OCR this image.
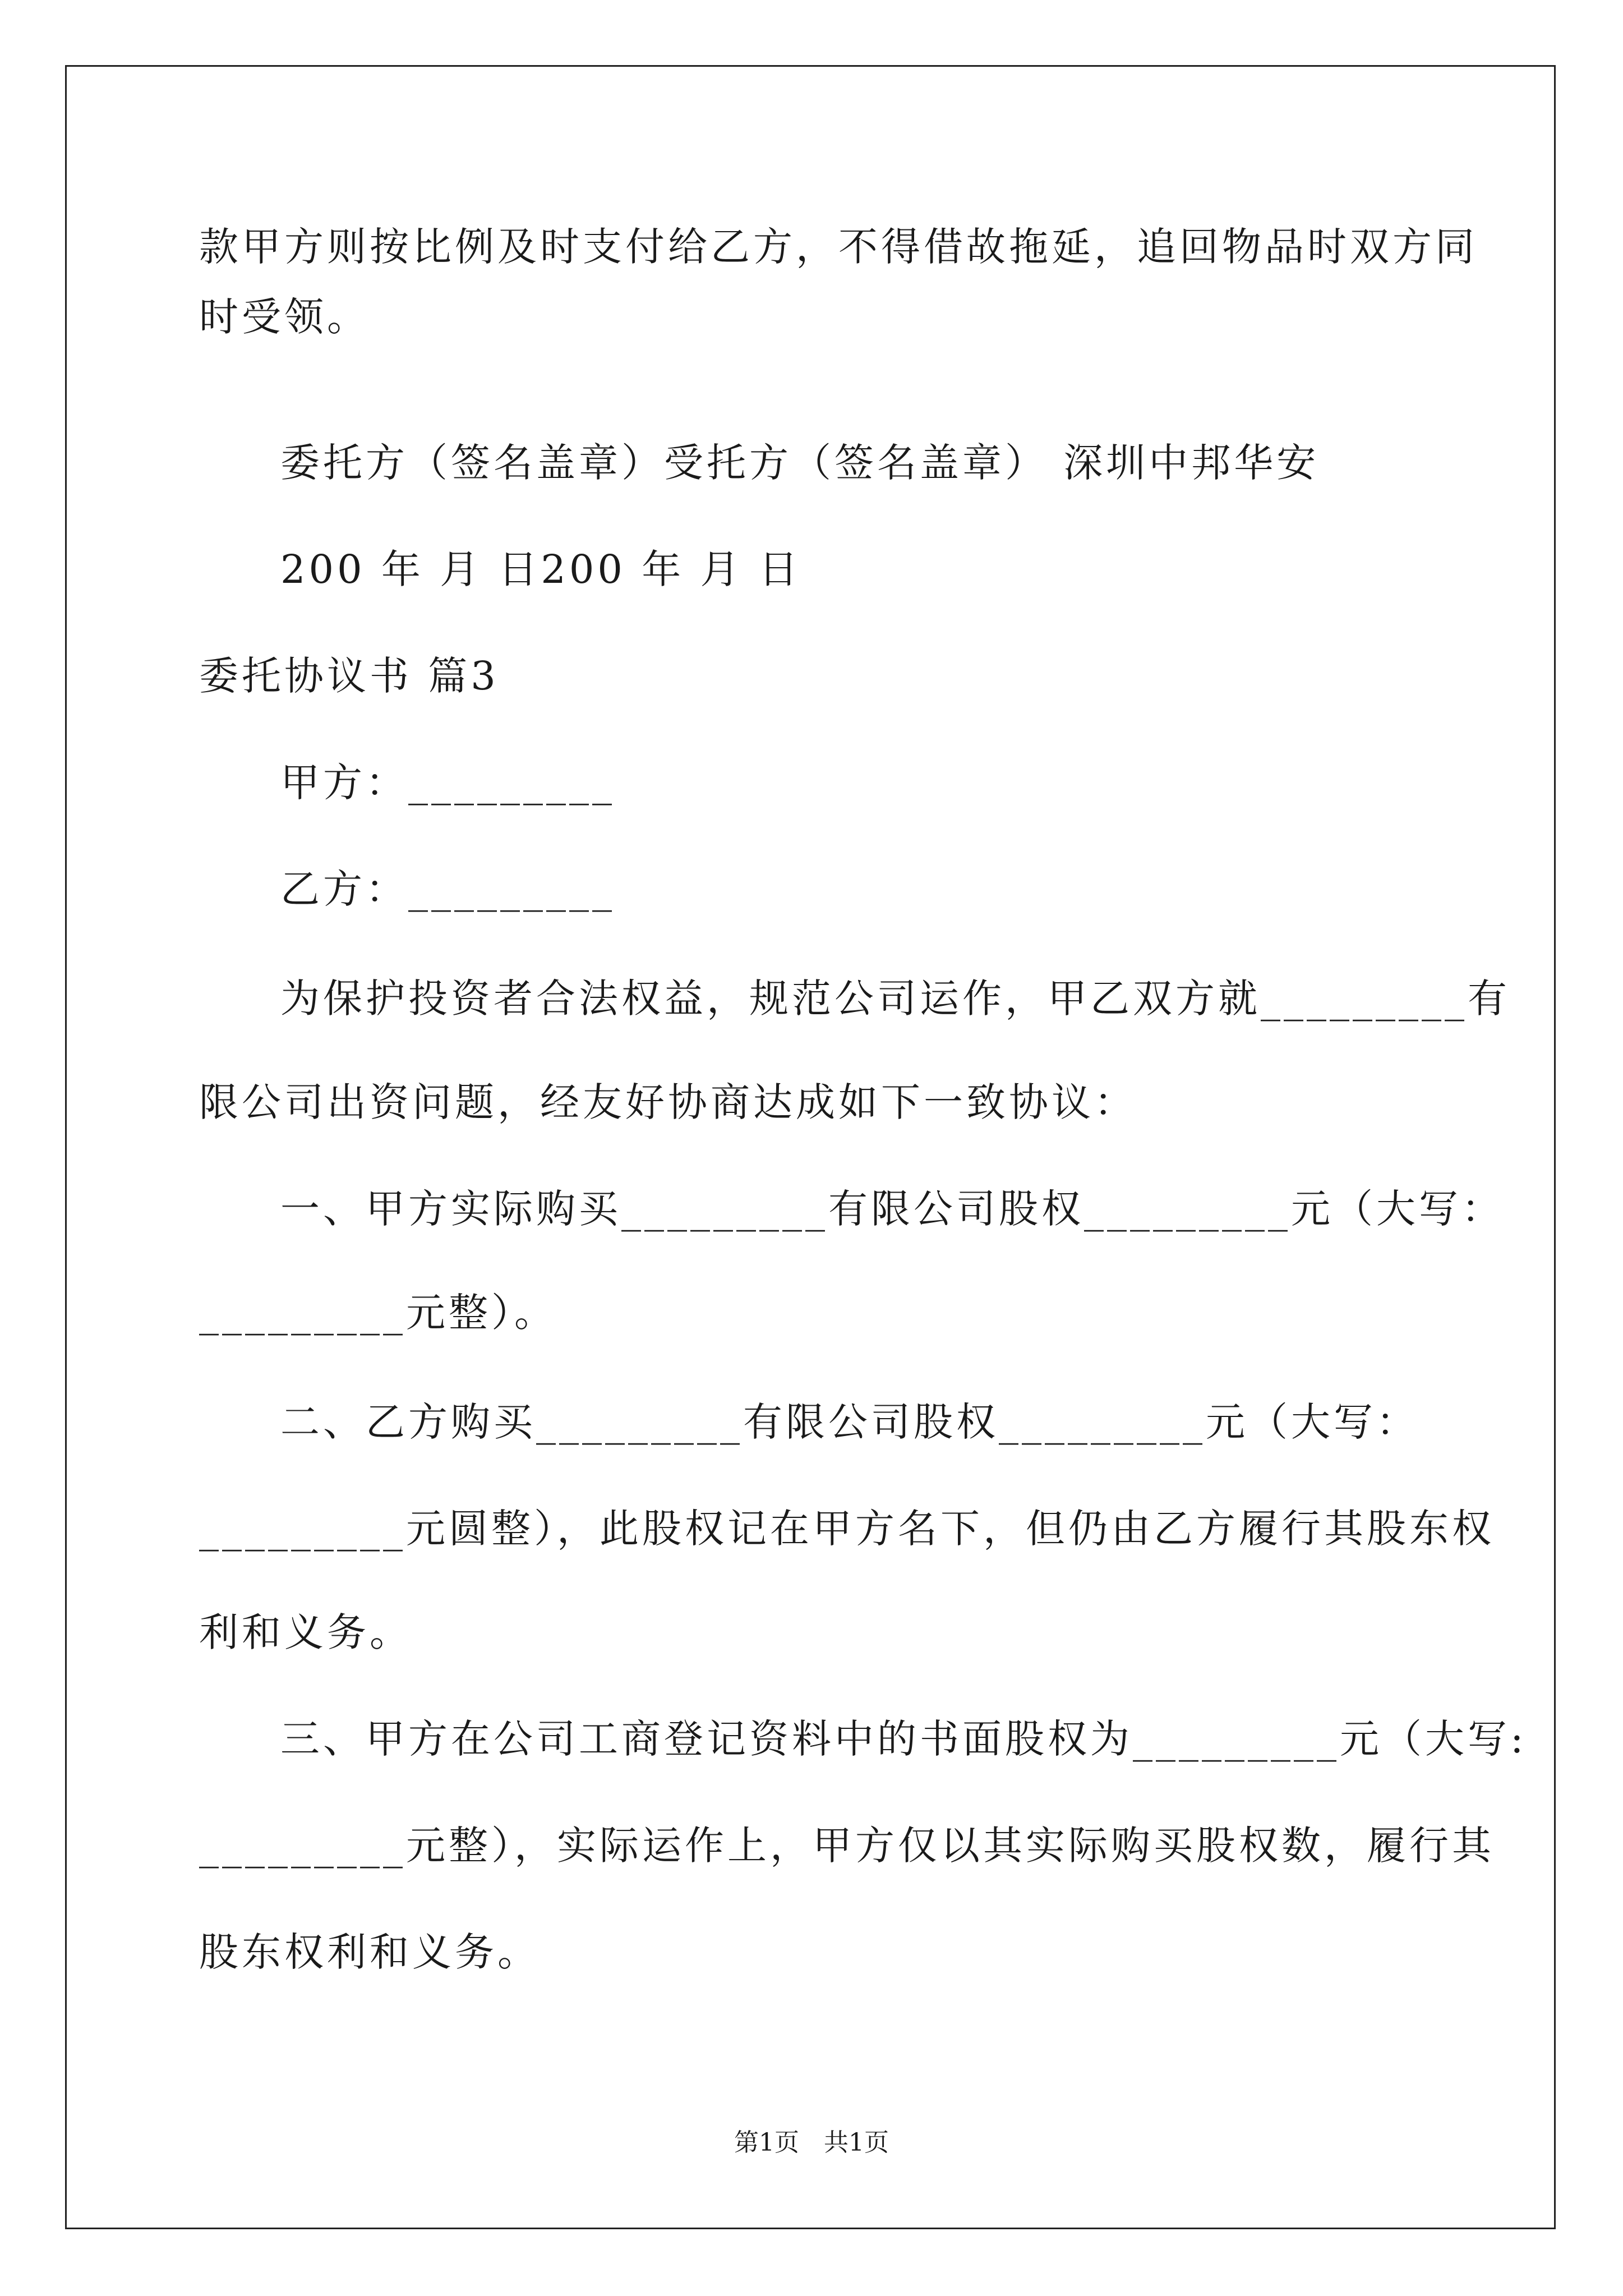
款甲方则按比例及时支付给乙方，不得借故拖延，追回物品时双方同
时受领。
委托方（签名盖章）受托方（签名盖章） 深圳中邦华安
200 年 月 日200 年 月 日
委托协议书 篇3
甲方：_________
乙方：_________
为保护投资者合法权益，规范公司运作，甲乙双方就_________有
限公司出资问题，经友好协商达成如下一致协议：
一、甲方实际购买_________有限公司股权_________元（大写：
_________元整）。
二、乙方购买_________有限公司股权_________元（大写：
_________元圆整），此股权记在甲方名下，但仍由乙方履行其股东权
利和义务。
三、甲方在公司工商登记资料中的书面股权为_________元（大写:
_________元整），实际运作上，甲方仅以其实际购买股权数，履行其
股东权利和义务。
第1页　共1页
